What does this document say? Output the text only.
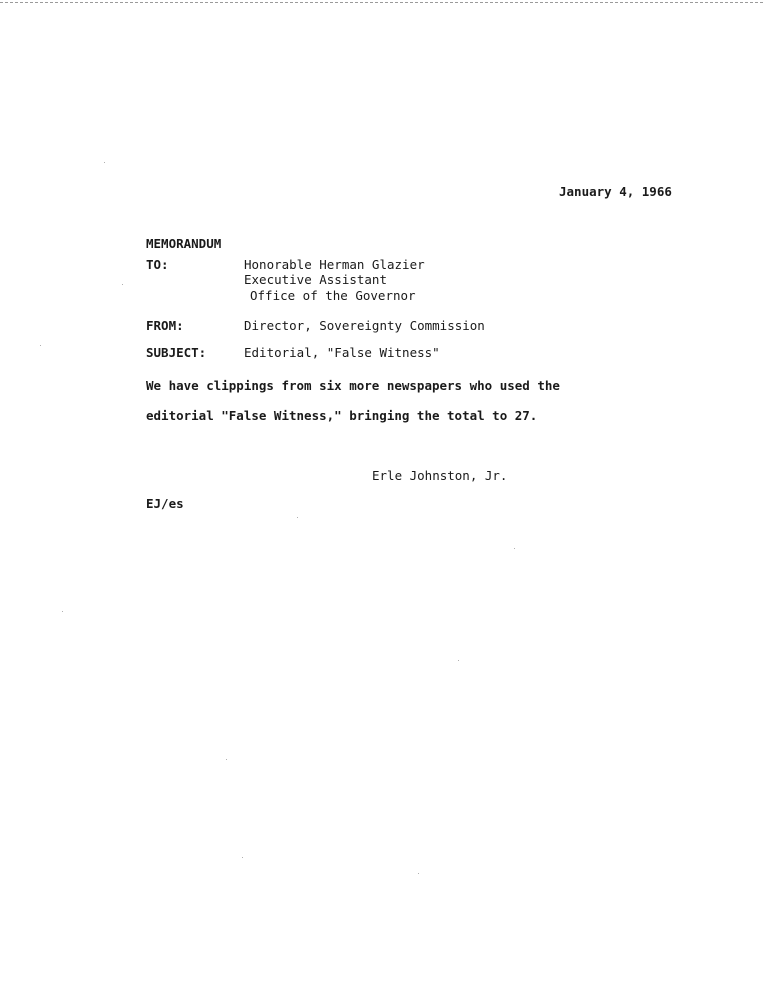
January 4, 1966
MEMORANDUM
TO:	Honorable Herman Glazier
Executive Assistant
Office of the Governor
FROM:	Director, Sovereignty Commission
SUBJECT:	Editorial, "False Witness"
We have clippings from six more newspapers who used the
editorial "False Witness," bringing the total to 27.
Erle Johnston, Jr.
EJ/es
